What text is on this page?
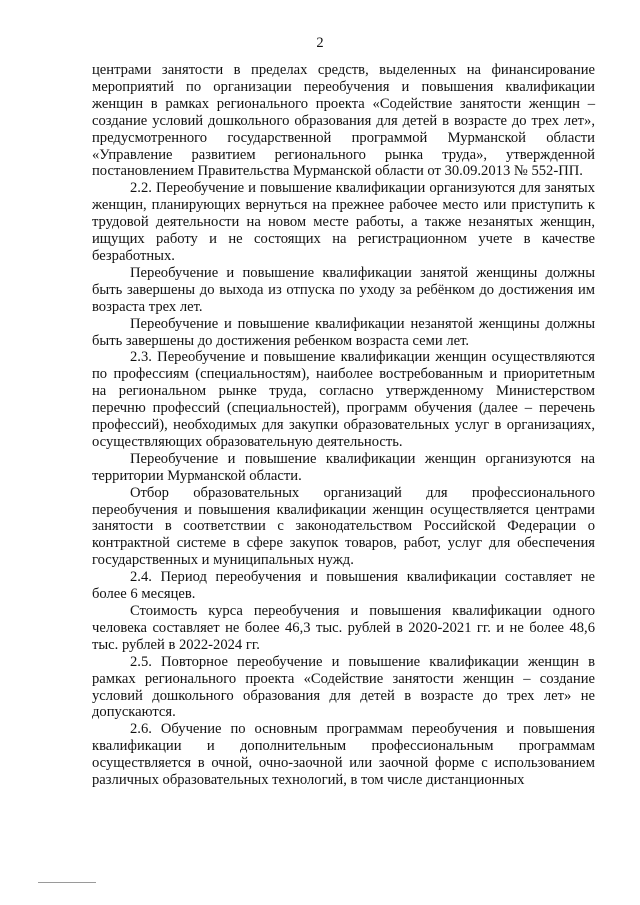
2

центрами занятости в пределах средств, выделенных на финансирование мероприятий по организации переобучения и повышения квалификации женщин в рамках регионального проекта «Содействие занятости женщин – создание условий дошкольного образования для детей в возрасте до трех лет», предусмотренного государственной программой Мурманской области «Управление развитием регионального рынка труда», утвержденной постановлением Правительства Мурманской области от 30.09.2013 № 552-ПП.

2.2. Переобучение и повышение квалификации организуются для занятых женщин, планирующих вернуться на прежнее рабочее место или приступить к трудовой деятельности на новом месте работы, а также незанятых женщин, ищущих работу и не состоящих на регистрационном учете в качестве безработных.

Переобучение и повышение квалификации занятой женщины должны быть завершены до выхода из отпуска по уходу за ребёнком до достижения им возраста трех лет.

Переобучение и повышение квалификации незанятой женщины должны быть завершены до достижения ребенком возраста семи лет.

2.3. Переобучение и повышение квалификации женщин осуществляются по профессиям (специальностям), наиболее востребованным и приоритетным на региональном рынке труда, согласно утвержденному Министерством перечню профессий (специальностей), программ обучения (далее – перечень профессий), необходимых для закупки образовательных услуг в организациях, осуществляющих образовательную деятельность.

Переобучение и повышение квалификации женщин организуются на территории Мурманской области.

Отбор образовательных организаций для профессионального переобучения и повышения квалификации женщин осуществляется центрами занятости в соответствии с законодательством Российской Федерации о контрактной системе в сфере закупок товаров, работ, услуг для обеспечения государственных и муниципальных нужд.

2.4. Период переобучения и повышения квалификации составляет не более 6 месяцев.

Стоимость курса переобучения и повышения квалификации одного человека составляет не более 46,3 тыс. рублей в 2020-2021 гг. и не более 48,6 тыс. рублей в 2022-2024 гг.

2.5. Повторное переобучение и повышение квалификации женщин в рамках регионального проекта «Содействие занятости женщин – создание условий дошкольного образования для детей в возрасте до трех лет» не допускаются.

2.6. Обучение по основным программам переобучения и повышения квалификации и дополнительным профессиональным программам осуществляется в очной, очно-заочной или заочной форме с использованием различных образовательных технологий, в том числе дистанционных
